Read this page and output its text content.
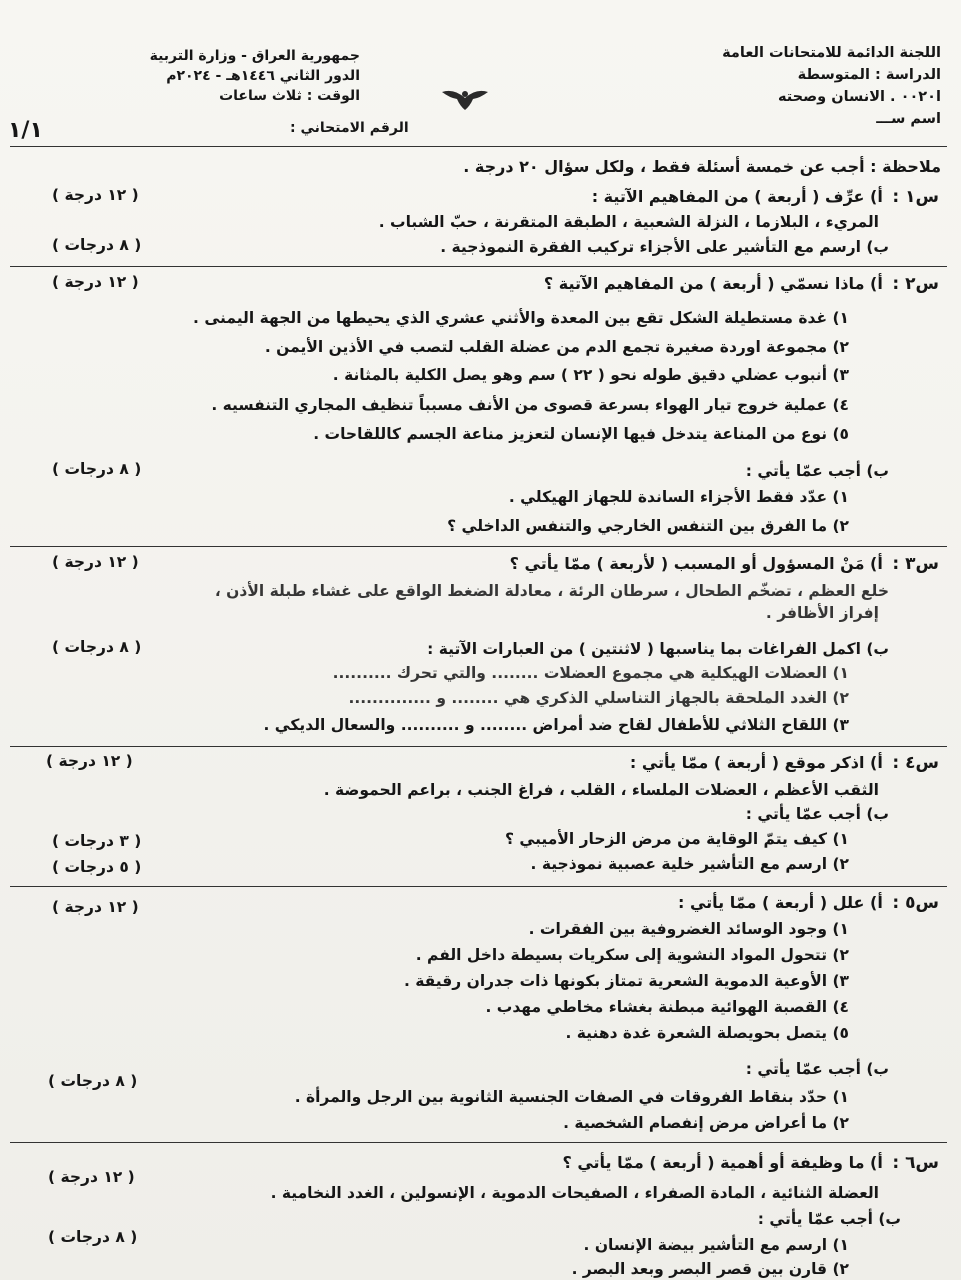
اللجنة الدائمة للامتحانات العامة
الدراسة : المتوسطة
ا٠٠٢٠ . الانسان وصحته
اسم ســـ
جمهورية العراق - وزارة التربية
الدور الثاني ١٤٤٦هـ - ٢٠٢٤م
الوقت : ثلاث ساعات
الرقم الامتحاني :
١/١
ملاحظة : أجب عن خمسة أسئلة فقط ، ولكل سؤال ٢٠ درجة .
س١ : أ) عرِّف ( أربعة ) من المفاهيم الآتية :
( ١٢ درجة )
المريء ، البلازما ، النزلة الشعبية ، الطبقة المتقرنة ، حبّ الشباب .
ب) ارسم مع التأشير على الأجزاء تركيب الفقرة النموذجية .
( ٨ درجات )
س٢ : أ) ماذا نسمّي ( أربعة ) من المفاهيم الآتية ؟
( ١٢ درجة )
١) غدة مستطيلة الشكل تقع بين المعدة والأثني عشري الذي يحيطها من الجهة اليمنى .
٢) مجموعة اوردة صغيرة تجمع الدم من عضلة القلب لتصب في الأذين الأيمن .
٣) أنبوب عضلي دقيق طوله نحو ( ٢٢ ) سم وهو يصل الكلية بالمثانة .
٤) عملية خروج تيار الهواء بسرعة قصوى من الأنف مسبباً تنظيف المجاري التنفسيه .
٥) نوع من المناعة يتدخل فيها الإنسان لتعزيز مناعة الجسم كاللقاحات .
ب) أجب عمّا يأتي :
( ٨ درجات )
١) عدّد فقط الأجزاء الساندة للجهاز الهيكلي .
٢) ما الفرق بين التنفس الخارجي والتنفس الداخلي ؟
س٣ : أ) مَنْ المسؤول أو المسبب ( لأربعة ) ممّا يأتي ؟
( ١٢ درجة )
خلع العظم ، تضخّم الطحال ، سرطان الرئة ، معادلة الضغط الواقع على غشاء طبلة الأذن ،
إفراز الأظافر .
ب) اكمل الفراغات بما يناسبها ( لاثنتين ) من العبارات الآتية :
( ٨ درجات )
١) العضلات الهيكلية هي مجموع العضلات ........ والتي تحرك ..........
٢) الغدد الملحقة بالجهاز التناسلي الذكري هي ........ و ..............
٣) اللقاح الثلاثي للأطفال لقاح ضد أمراض ........ و .......... والسعال الديكي .
س٤ : أ) اذكر موقع ( أربعة ) ممّا يأتي :
( ١٢ درجة )
الثقب الأعظم ، العضلات الملساء ، القلب ، فراغ الجنب ، براعم الحموضة .
ب) أجب عمّا يأتي :
١) كيف يتمّ الوقاية من مرض الزحار الأميبي ؟
( ٣ درجات )
٢) ارسم مع التأشير خلية عصبية نموذجية .
( ٥ درجات )
س٥ : أ) علل ( أربعة ) ممّا يأتي :
( ١٢ درجة )
١) وجود الوسائد الغضروفية بين الفقرات .
٢) تتحول المواد النشوية إلى سكريات بسيطة داخل الفم .
٣) الأوعية الدموية الشعرية تمتاز بكونها ذات جدران رقيقة .
٤) القصبة الهوائية مبطنة بغشاء مخاطي مهدب .
٥) يتصل بحويصلة الشعرة غدة دهنية .
ب) أجب عمّا يأتي :
( ٨ درجات )
١) حدّد بنقاط الفروقات في الصفات الجنسية الثانوية بين الرجل والمرأة .
٢) ما أعراض مرض إنفصام الشخصية .
س٦ : أ) ما وظيفة أو أهمية ( أربعة ) ممّا يأتي ؟
( ١٢ درجة )
العضلة الثنائية ، المادة الصفراء ، الصفيحات الدموية ، الإنسولين ، الغدد النخامية .
ب) أجب عمّا يأتي :
( ٨ درجات )	١) ارسم مع التأشير بيضة الإنسان .
٢) قارن بين قصر البصر وبعد البصر .
